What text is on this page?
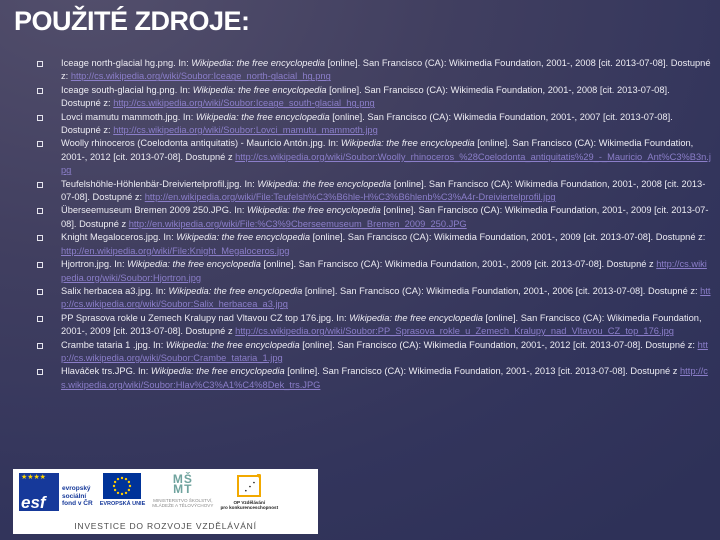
POUŽITÉ ZDROJE:
Iceage north-glacial hg.png. In: Wikipedia: the free encyclopedia [online]. San Francisco (CA): Wikimedia Foundation, 2001-, 2008 [cit. 2013-07-08]. Dostupné z: http://cs.wikipedia.org/wiki/Soubor:Iceage_north-glacial_hg.png
Iceage south-glacial hg.png. In: Wikipedia: the free encyclopedia [online]. San Francisco (CA): Wikimedia Foundation, 2001-, 2008 [cit. 2013-07-08]. Dostupné z: http://cs.wikipedia.org/wiki/Soubor:Iceage_south-glacial_hg.png
Lovci mamutu mammoth.jpg. In: Wikipedia: the free encyclopedia [online]. San Francisco (CA): Wikimedia Foundation, 2001-, 2007 [cit. 2013-07-08]. Dostupné z: http://cs.wikipedia.org/wiki/Soubor:Lovci_mamutu_mammoth.jpg
Woolly rhinoceros (Coelodonta antiquitatis) - Mauricio Antón.jpg. In: Wikipedia: the free encyclopedia [online]. San Francisco (CA): Wikimedia Foundation, 2001-, 2012 [cit. 2013-07-08]. Dostupné z http://cs.wikipedia.org/wiki/Soubor:Woolly_rhinoceros_%28Coelodonta_antiquitatis%29_-_Mauricio_Ant%C3%B3n.jpg
Teufelshöhle-Höhlenbär-Dreiviertelprofil.jpg. In: Wikipedia: the free encyclopedia [online]. San Francisco (CA): Wikimedia Foundation, 2001-, 2008 [cit. 2013-07-08]. Dostupné z: http://en.wikipedia.org/wiki/File:Teufelsh%C3%B6hle-H%C3%B6hlenb%C3%A4r-Dreiviertelprofil.jpg
Überseemuseum Bremen 2009 250.JPG. In: Wikipedia: the free encyclopedia [online]. San Francisco (CA): Wikimedia Foundation, 2001-, 2009 [cit. 2013-07-08]. Dostupné z http://en.wikipedia.org/wiki/File:%C3%9Cberseemuseum_Bremen_2009_250.JPG
Knight Megaloceros.jpg. In: Wikipedia: the free encyclopedia [online]. San Francisco (CA): Wikimedia Foundation, 2001-, 2009 [cit. 2013-07-08]. Dostupné z: http://en.wikipedia.org/wiki/File:Knight_Megaloceros.jpg
Hjortron.jpg. In: Wikipedia: the free encyclopedia [online]. San Francisco (CA): Wikimedia Foundation, 2001-, 2009 [cit. 2013-07-08]. Dostupné z http://cs.wikipedia.org/wiki/Soubor:Hjortron.jpg
Salix herbacea a3.jpg. In: Wikipedia: the free encyclopedia [online]. San Francisco (CA): Wikimedia Foundation, 2001-, 2006 [cit. 2013-07-08]. Dostupné z: http://cs.wikipedia.org/wiki/Soubor:Salix_herbacea_a3.jpg
PP Sprasova rokle u Zemech Kralupy nad Vltavou CZ top 176.jpg. In: Wikipedia: the free encyclopedia [online]. San Francisco (CA): Wikimedia Foundation, 2001-, 2009 [cit. 2013-07-08]. Dostupné z http://cs.wikipedia.org/wiki/Soubor:PP_Sprasova_rokle_u_Zemech_Kralupy_nad_Vltavou_CZ_top_176.jpg
Crambe tataria 1 .jpg. In: Wikipedia: the free encyclopedia [online]. San Francisco (CA): Wikimedia Foundation, 2001-, 2012 [cit. 2013-07-08]. Dostupné z: http://cs.wikipedia.org/wiki/Soubor:Crambe_tataria_1.jpg
Hlaváček trs.JPG. In: Wikipedia: the free encyclopedia [online]. San Francisco (CA): Wikimedia Foundation, 2001-, 2013 [cit. 2013-07-08]. Dostupné z http://cs.wikipedia.org/wiki/Soubor:Hlav%C3%A1%C4%8Dek_trs.JPG
★ ★ ★ ★
esf
evropský
sociální
fond v ČR EVROPSKÁ UNIE
MŠ
MT
MINISTERSTVO ŠKOLSTVÍ,
MLÁDEŽE A TĚLOVÝCHOVY
• • •
▼
OP Vzdělávání
pro konkurenceschopnost
INVESTICE DO ROZVOJE VZDĚLÁVÁNÍ
